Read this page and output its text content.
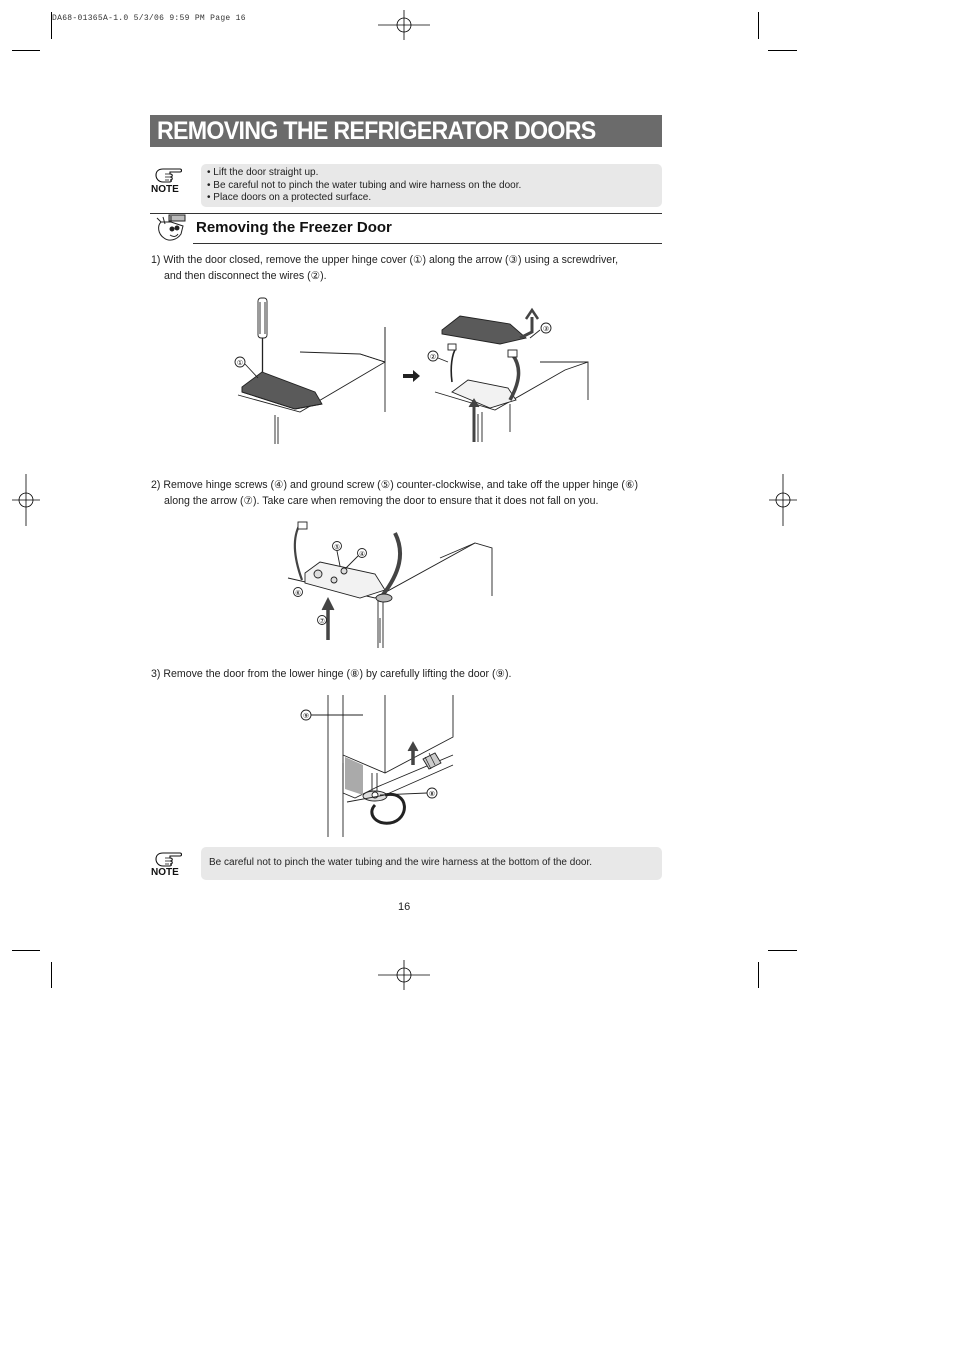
DA68-01365A-1.0 5/3/06 9:59 PM Page 16
REMOVING THE REFRIGERATOR DOORS
NOTE
• Lift the door straight up.
• Be careful not to pinch the water tubing and wire harness on the door.
• Place doors on a protected surface.
Removing the Freezer Door
1) With the door closed, remove the upper hinge cover (①) along the arrow (③) using a screwdriver,
and then disconnect the wires (②).
①
③
②
2) Remove hinge screws (④) and ground screw (⑤) counter-clockwise, and take off the upper hinge (⑥)
along the arrow (⑦). Take care when removing the door to ensure that it does not fall on you.
⑤
④
⑥
⑦
3) Remove the door from the lower hinge (⑧) by carefully lifting the door (⑨).
⑨
⑧
NOTE
Be careful not to pinch the water tubing and the wire harness at the bottom of the door.
16
